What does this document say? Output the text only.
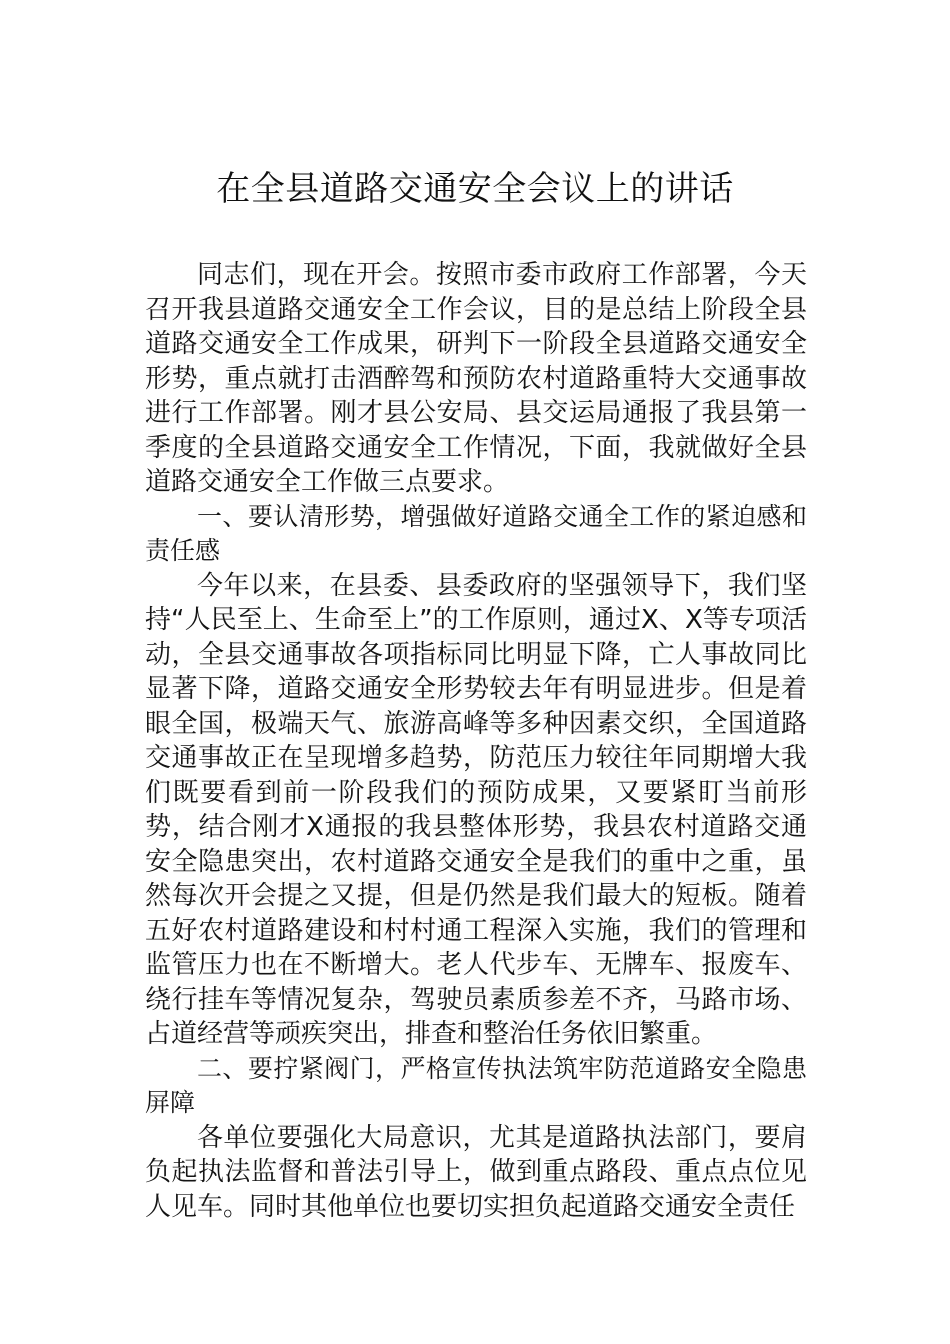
在全县道路交通安全会议上的讲话

同志们，现在开会。按照市委市政府工作部署，今天召开我县道路交通安全工作会议，目的是总结上阶段全县道路交通安全工作成果，研判下一阶段全县道路交通安全形势，重点就打击酒醉驾和预防农村道路重特大交通事故进行工作部署。刚才县公安局、县交运局通报了我县第一季度的全县道路交通安全工作情况，下面，我就做好全县道路交通安全工作做三点要求。

一、要认清形势，增强做好道路交通全工作的紧迫感和责任感

今年以来，在县委、县委政府的坚强领导下，我们坚持“人民至上、生命至上”的工作原则，通过X、X等专项活动，全县交通事故各项指标同比明显下降，亡人事故同比显著下降，道路交通安全形势较去年有明显进步。但是着眼全国，极端天气、旅游高峰等多种因素交织，全国道路交通事故正在呈现增多趋势，防范压力较往年同期增大我们既要看到前一阶段我们的预防成果，又要紧盯当前形势，结合刚才X通报的我县整体形势，我县农村道路交通安全隐患突出，农村道路交通安全是我们的重中之重，虽然每次开会提之又提，但是仍然是我们最大的短板。随着五好农村道路建设和村村通工程深入实施，我们的管理和监管压力也在不断增大。老人代步车、无牌车、报废车、绕行挂车等情况复杂，驾驶员素质参差不齐，马路市场、占道经营等顽疾突出，排查和整治任务依旧繁重。

二、要拧紧阀门，严格宣传执法筑牢防范道路安全隐患屏障

各单位要强化大局意识，尤其是道路执法部门，要肩负起执法监督和普法引导上，做到重点路段、重点点位见人见车。同时其他单位也要切实担负起道路交通安全责任
